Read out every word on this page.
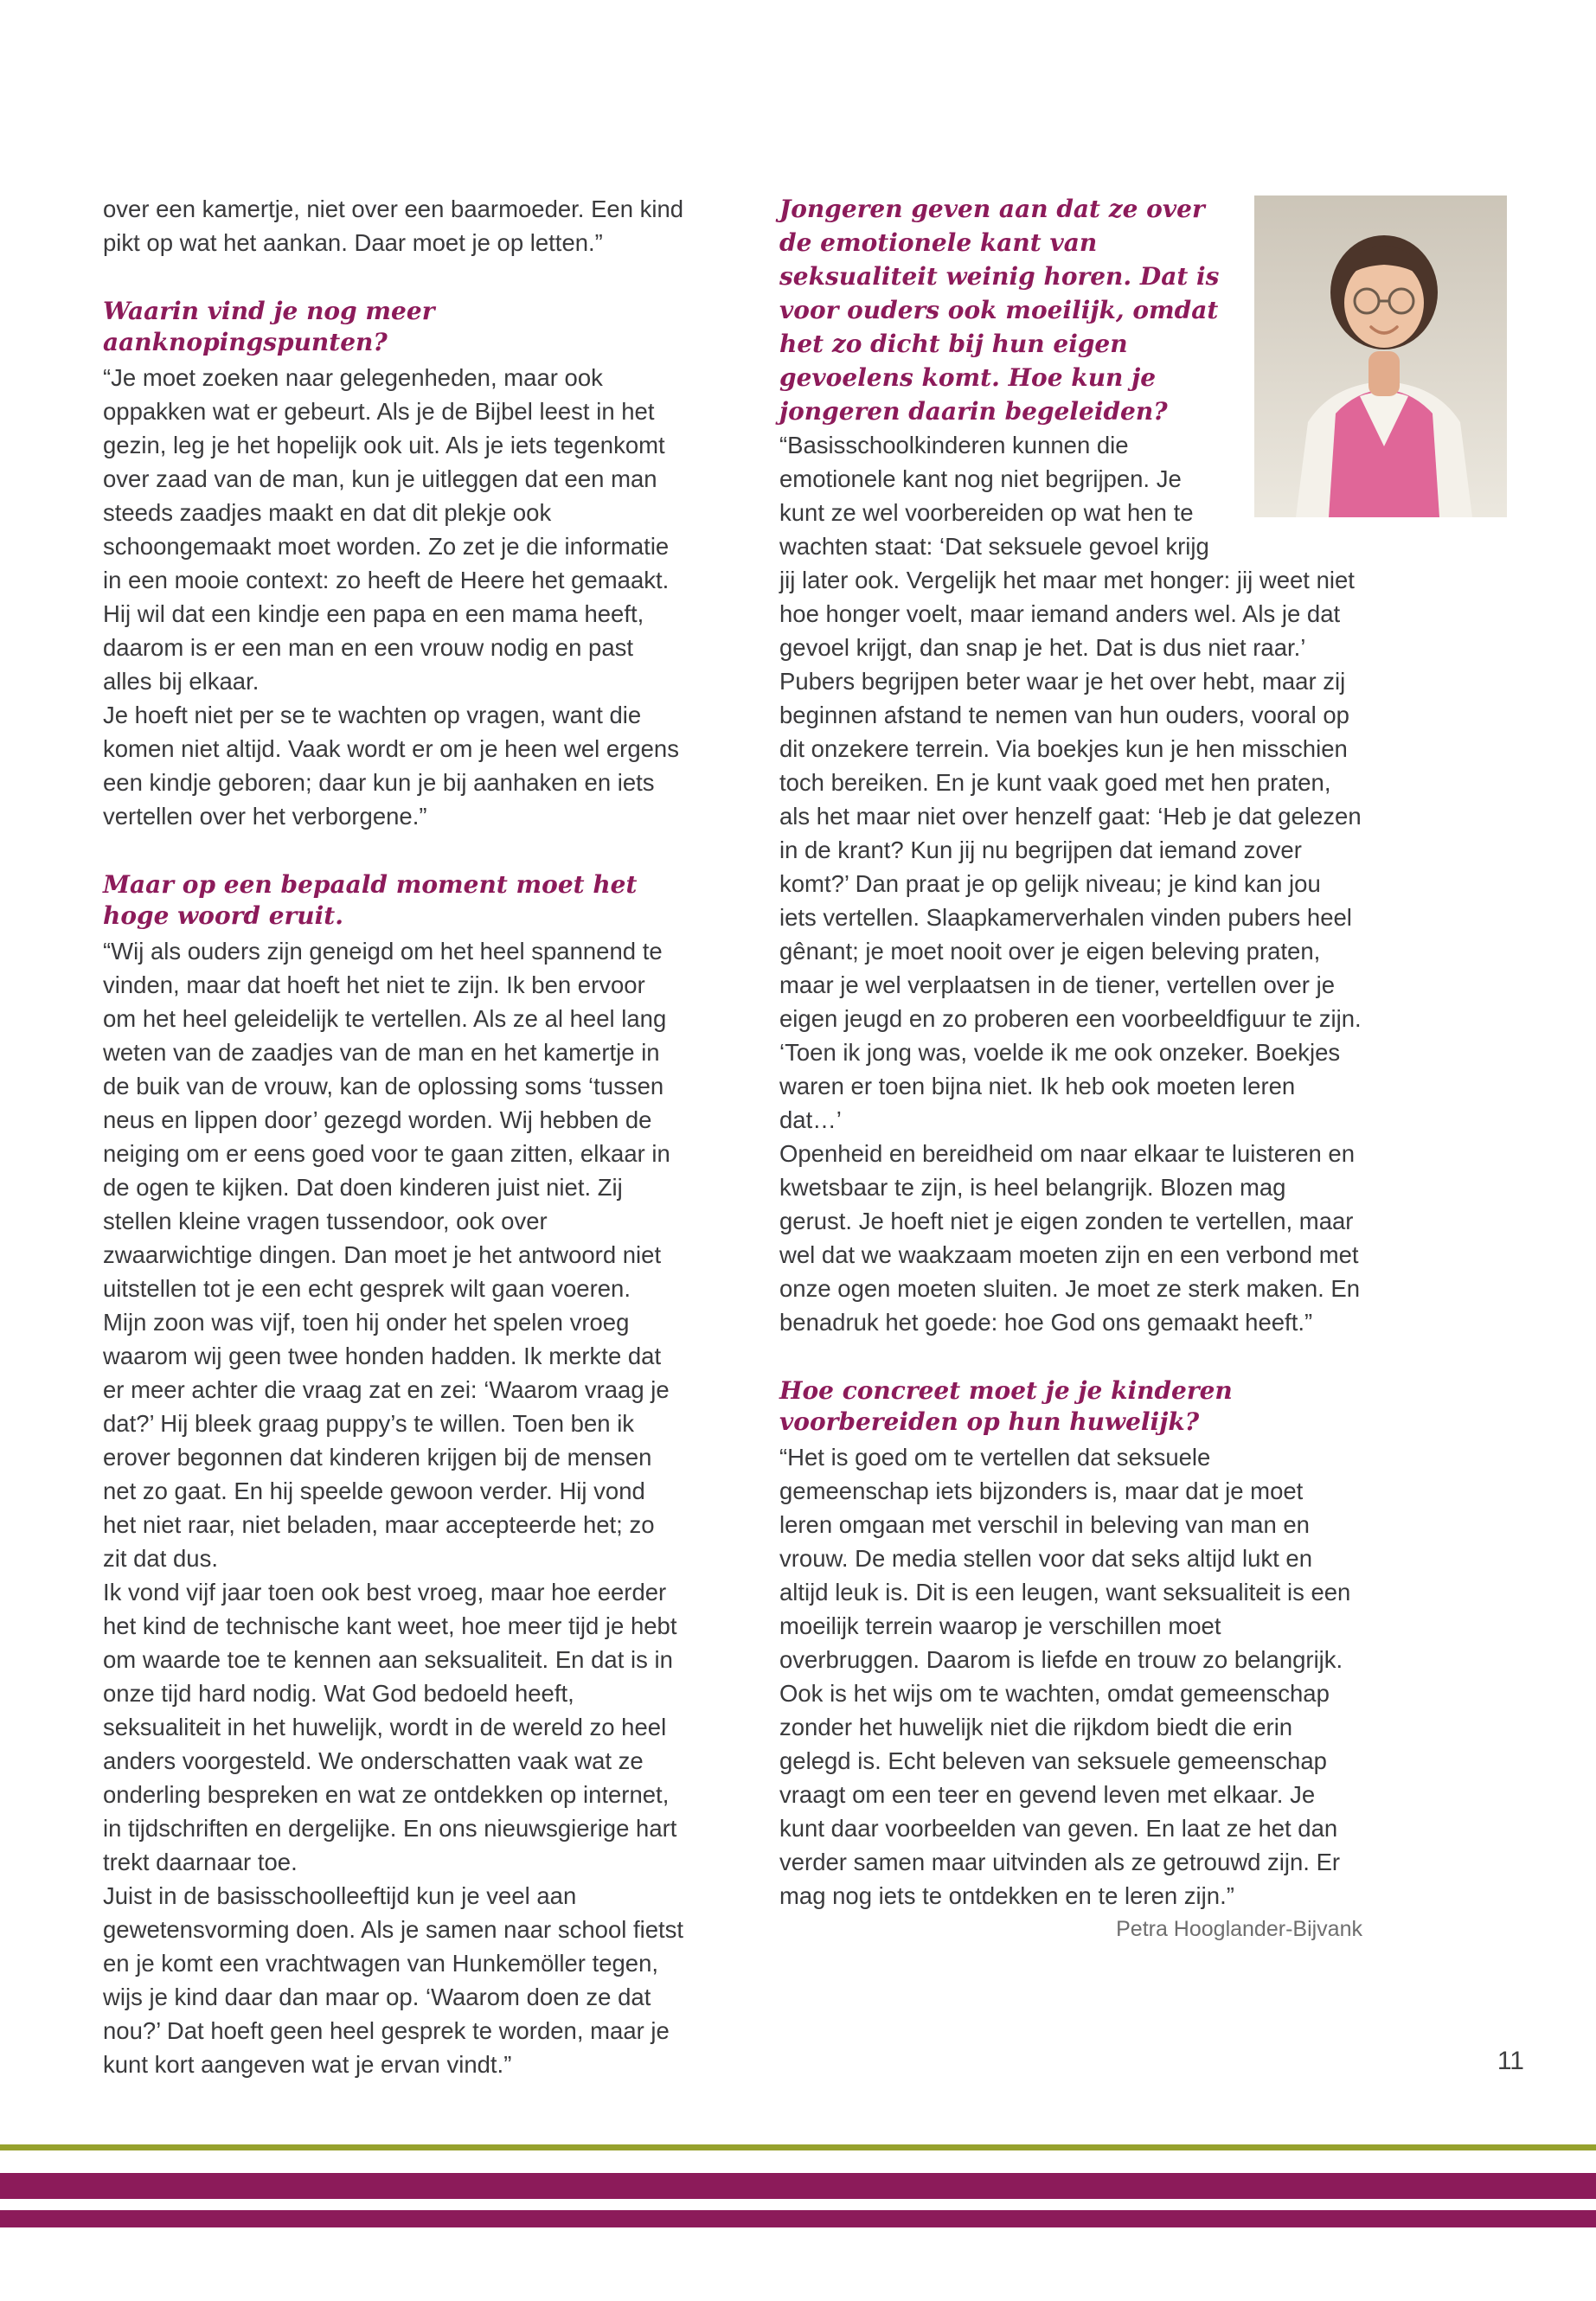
over een kamertje, niet over een baarmoeder. Een kind pikt op wat het aankan. Daar moet je op letten.”

Waarin vind je nog meer aanknopingspunten?

“Je moet zoeken naar gelegenheden, maar ook oppakken wat er gebeurt. Als je de Bijbel leest in het gezin, leg je het hopelijk ook uit. Als je iets tegenkomt over zaad van de man, kun je uitleggen dat een man steeds zaadjes maakt en dat dit plekje ook schoongemaakt moet worden. Zo zet je die informatie in een mooie context: zo heeft de Heere het gemaakt. Hij wil dat een kindje een papa en een mama heeft, daarom is er een man en een vrouw nodig en past alles bij elkaar.

Je hoeft niet per se te wachten op vragen, want die komen niet altijd. Vaak wordt er om je heen wel ergens een kindje geboren; daar kun je bij aanhaken en iets vertellen over het verborgene.”

Maar op een bepaald moment moet het hoge woord eruit.

“Wij als ouders zijn geneigd om het heel spannend te vinden, maar dat hoeft het niet te zijn. Ik ben ervoor om het heel geleidelijk te vertellen. Als ze al heel lang weten van de zaadjes van de man en het kamertje in de buik van de vrouw, kan de oplossing soms ‘tussen neus en lippen door’ gezegd worden. Wij hebben de neiging om er eens goed voor te gaan zitten, elkaar in de ogen te kijken. Dat doen kinderen juist niet. Zij stellen kleine vragen tussendoor, ook over zwaarwichtige dingen. Dan moet je het antwoord niet uitstellen tot je een echt gesprek wilt gaan voeren.

Mijn zoon was vijf, toen hij onder het spelen vroeg waarom wij geen twee honden hadden. Ik merkte dat er meer achter die vraag zat en zei: ‘Waarom vraag je dat?’ Hij bleek graag puppy’s te willen. Toen ben ik erover begonnen dat kinderen krijgen bij de mensen net zo gaat. En hij speelde gewoon verder. Hij vond het niet raar, niet beladen, maar accepteerde het; zo zit dat dus.

Ik vond vijf jaar toen ook best vroeg, maar hoe eerder het kind de technische kant weet, hoe meer tijd je hebt om waarde toe te kennen aan seksualiteit. En dat is in onze tijd hard nodig. Wat God bedoeld heeft, seksualiteit in het huwelijk, wordt in de wereld zo heel anders voorgesteld. We onderschatten vaak wat ze onderling bespreken en wat ze ontdekken op internet, in tijdschriften en dergelijke. En ons nieuwsgierige hart trekt daarnaar toe.

Juist in de basisschoolleeftijd kun je veel aan gewetensvorming doen. Als je samen naar school fietst en je komt een vrachtwagen van Hunkemöller tegen, wijs je kind daar dan maar op. ‘Waarom doen ze dat nou?’ Dat hoeft geen heel gesprek te worden, maar je kunt kort aangeven wat je ervan vindt.”

Jongeren geven aan dat ze over de emotionele kant van seksualiteit weinig horen. Dat is voor ouders ook moeilijk, omdat het zo dicht bij hun eigen gevoelens komt. Hoe kun je jongeren daarin begeleiden?

“Basisschoolkinderen kunnen die emotionele kant nog niet begrijpen. Je kunt ze wel voorbereiden op wat hen te wachten staat: ‘Dat seksuele gevoel krijg jij later ook. Vergelijk het maar met honger: jij weet niet hoe honger voelt, maar iemand anders wel. Als je dat gevoel krijgt, dan snap je het. Dat is dus niet raar.’

Pubers begrijpen beter waar je het over hebt, maar zij beginnen afstand te nemen van hun ouders, vooral op dit onzekere terrein. Via boekjes kun je hen misschien toch bereiken. En je kunt vaak goed met hen praten, als het maar niet over henzelf gaat: ‘Heb je dat gelezen in de krant? Kun jij nu begrijpen dat iemand zover komt?’ Dan praat je op gelijk niveau; je kind kan jou iets vertellen. Slaapkamerverhalen vinden pubers heel gênant; je moet nooit over je eigen beleving praten, maar je wel verplaatsen in de tiener, vertellen over je eigen jeugd en zo proberen een voorbeeldfiguur te zijn. ‘Toen ik jong was, voelde ik me ook onzeker. Boekjes waren er toen bijna niet. Ik heb ook moeten leren dat…’

Openheid en bereidheid om naar elkaar te luisteren en kwetsbaar te zijn, is heel belangrijk. Blozen mag gerust. Je hoeft niet je eigen zonden te vertellen, maar wel dat we waakzaam moeten zijn en een verbond met onze ogen moeten sluiten. Je moet ze sterk maken. En benadruk het goede: hoe God ons gemaakt heeft.”

Hoe concreet moet je je kinderen voorbereiden op hun huwelijk?

“Het is goed om te vertellen dat seksuele gemeenschap iets bijzonders is, maar dat je moet leren omgaan met verschil in beleving van man en vrouw. De media stellen voor dat seks altijd lukt en altijd leuk is. Dit is een leugen, want seksualiteit is een moeilijk terrein waarop je verschillen moet overbruggen. Daarom is liefde en trouw zo belangrijk. Ook is het wijs om te wachten, omdat gemeenschap zonder het huwelijk niet die rijkdom biedt die erin gelegd is. Echt beleven van seksuele gemeenschap vraagt om een teer en gevend leven met elkaar. Je kunt daar voorbeelden van geven. En laat ze het dan verder samen maar uitvinden als ze getrouwd zijn. Er mag nog iets te ontdekken en te leren zijn.”

Petra Hooglander-Bijvank

11
